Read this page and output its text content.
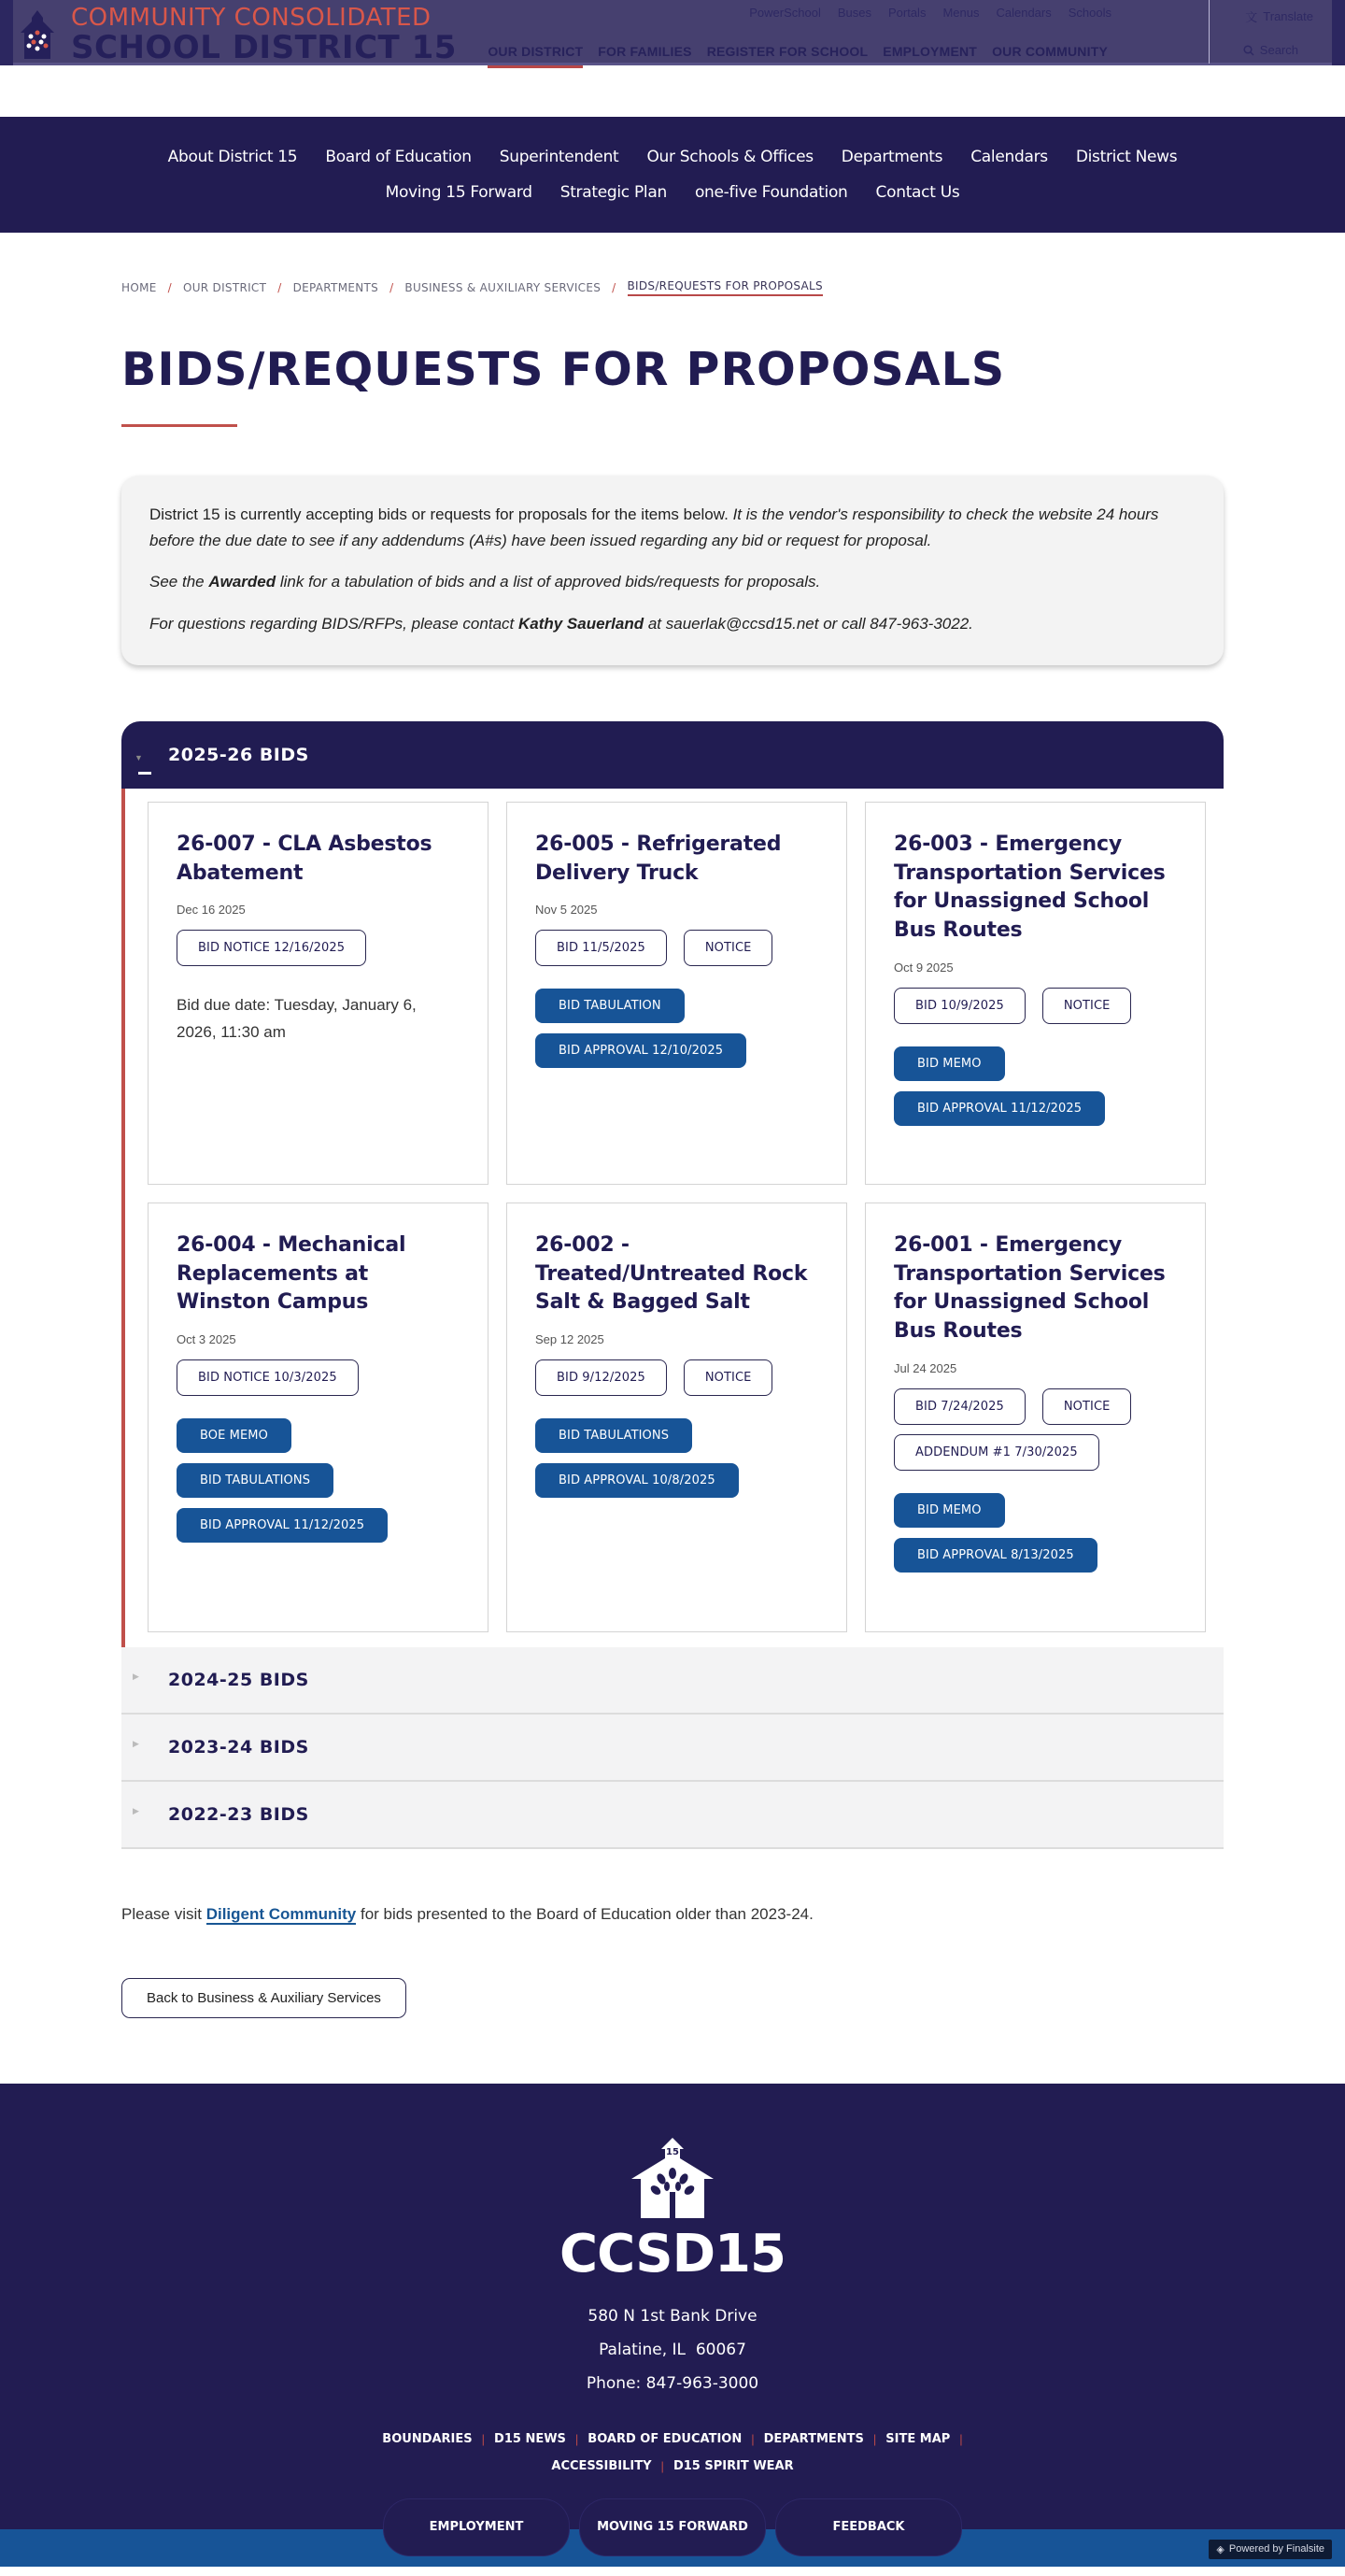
COMMUNITY CONSOLIDATED
SCHOOL DISTRICT 15
PowerSchool Buses Portals Menus Calendars Schools
OUR DISTRICT FOR FAMILIES REGISTER FOR SCHOOL EMPLOYMENT OUR COMMUNITY
文 Translate
Search
About District 15 Board of Education Superintendent Our Schools & Offices Departments Calendars District News
Moving 15 Forward Strategic Plan one-five Foundation Contact Us
HOME / OUR DISTRICT / DEPARTMENTS / BUSINESS & AUXILIARY SERVICES / BIDS/REQUESTS FOR PROPOSALS
BIDS/REQUESTS FOR PROPOSALS

District 15 is currently accepting bids or requests for proposals for the items below. It is the vendor's responsibility to check the website 24 hours before the due date to see if any addendums (A#s) have been issued regarding any bid or request for proposal.

See the Awarded link for a tabulation of bids and a list of approved bids/requests for proposals.

For questions regarding BIDS/RFPs, please contact Kathy Sauerland at sauerlak@ccsd15.net or call 847-963-3022.

▼ 2025-26 BIDS
26-007 - CLA Asbestos Abatement
Dec 16 2025
BID NOTICE 12/16/2025

Bid due date: Tuesday, January 6, 2026, 11:30 am

26-005 - Refrigerated Delivery Truck
Nov 5 2025
BID 11/5/2025	NOTICE
BID TABULATION
BID APPROVAL 12/10/2025
26-003 - Emergency Transportation Services for Unassigned School Bus Routes
Oct 9 2025
BID 10/9/2025	NOTICE
BID MEMO
BID APPROVAL 11/12/2025
26-004 - Mechanical Replacements at Winston Campus
Oct 3 2025
BID NOTICE 10/3/2025
BOE MEMO
BID TABULATIONS
BID APPROVAL 11/12/2025
26-002 - Treated/Untreated Rock Salt & Bagged Salt
Sep 12 2025
BID 9/12/2025	NOTICE
BID TABULATIONS
BID APPROVAL 10/8/2025
26-001 - Emergency Transportation Services for Unassigned School Bus Routes
Jul 24 2025
BID 7/24/2025	NOTICE
ADDENDUM #1 7/30/2025
BID MEMO
BID APPROVAL 8/13/2025
▶ 2024-25 BIDS
▶ 2023-24 BIDS
▶ 2022-23 BIDS

Please visit Diligent Community for bids presented to the Board of Education older than 2023-24.

Back to Business & Auxiliary Services
15
CCSD15
580 N 1st Bank Drive
Palatine, IL  60067
Phone: 847-963-3000
BOUNDARIES | D15 NEWS | BOARD OF EDUCATION | DEPARTMENTS | SITE MAP |
ACCESSIBILITY | D15 SPIRIT WEAR
EMPLOYMENT	MOVING 15 FORWARD	FEEDBACK
◈ Powered by Finalsite
